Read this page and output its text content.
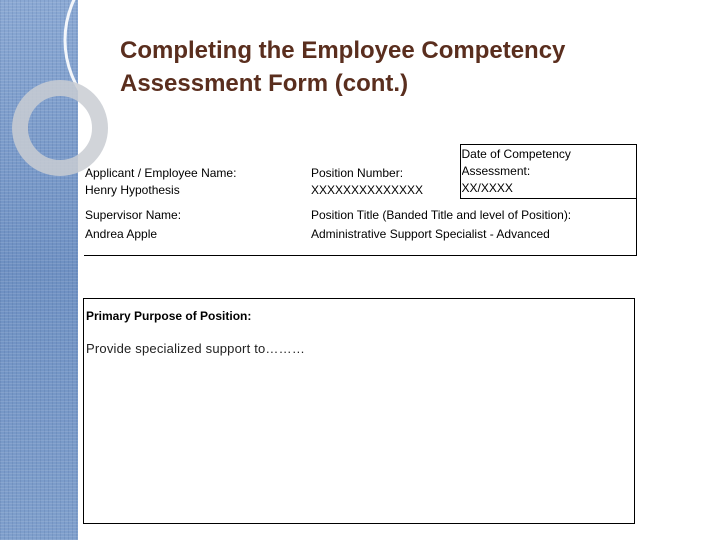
Completing the Employee Competency
Assessment Form (cont.)
Applicant / Employee Name:
Henry Hypothesis	Position Number:
XXXXXXXXXXXXXX	Date of Competency
Assessment:
XX/XXXX

Supervisor Name:
Andrea Apple	Position Title (Banded Title and level of Position):
Administrative Support Specialist - Advanced	
Primary Purpose of Position:
Provide specialized support to………
